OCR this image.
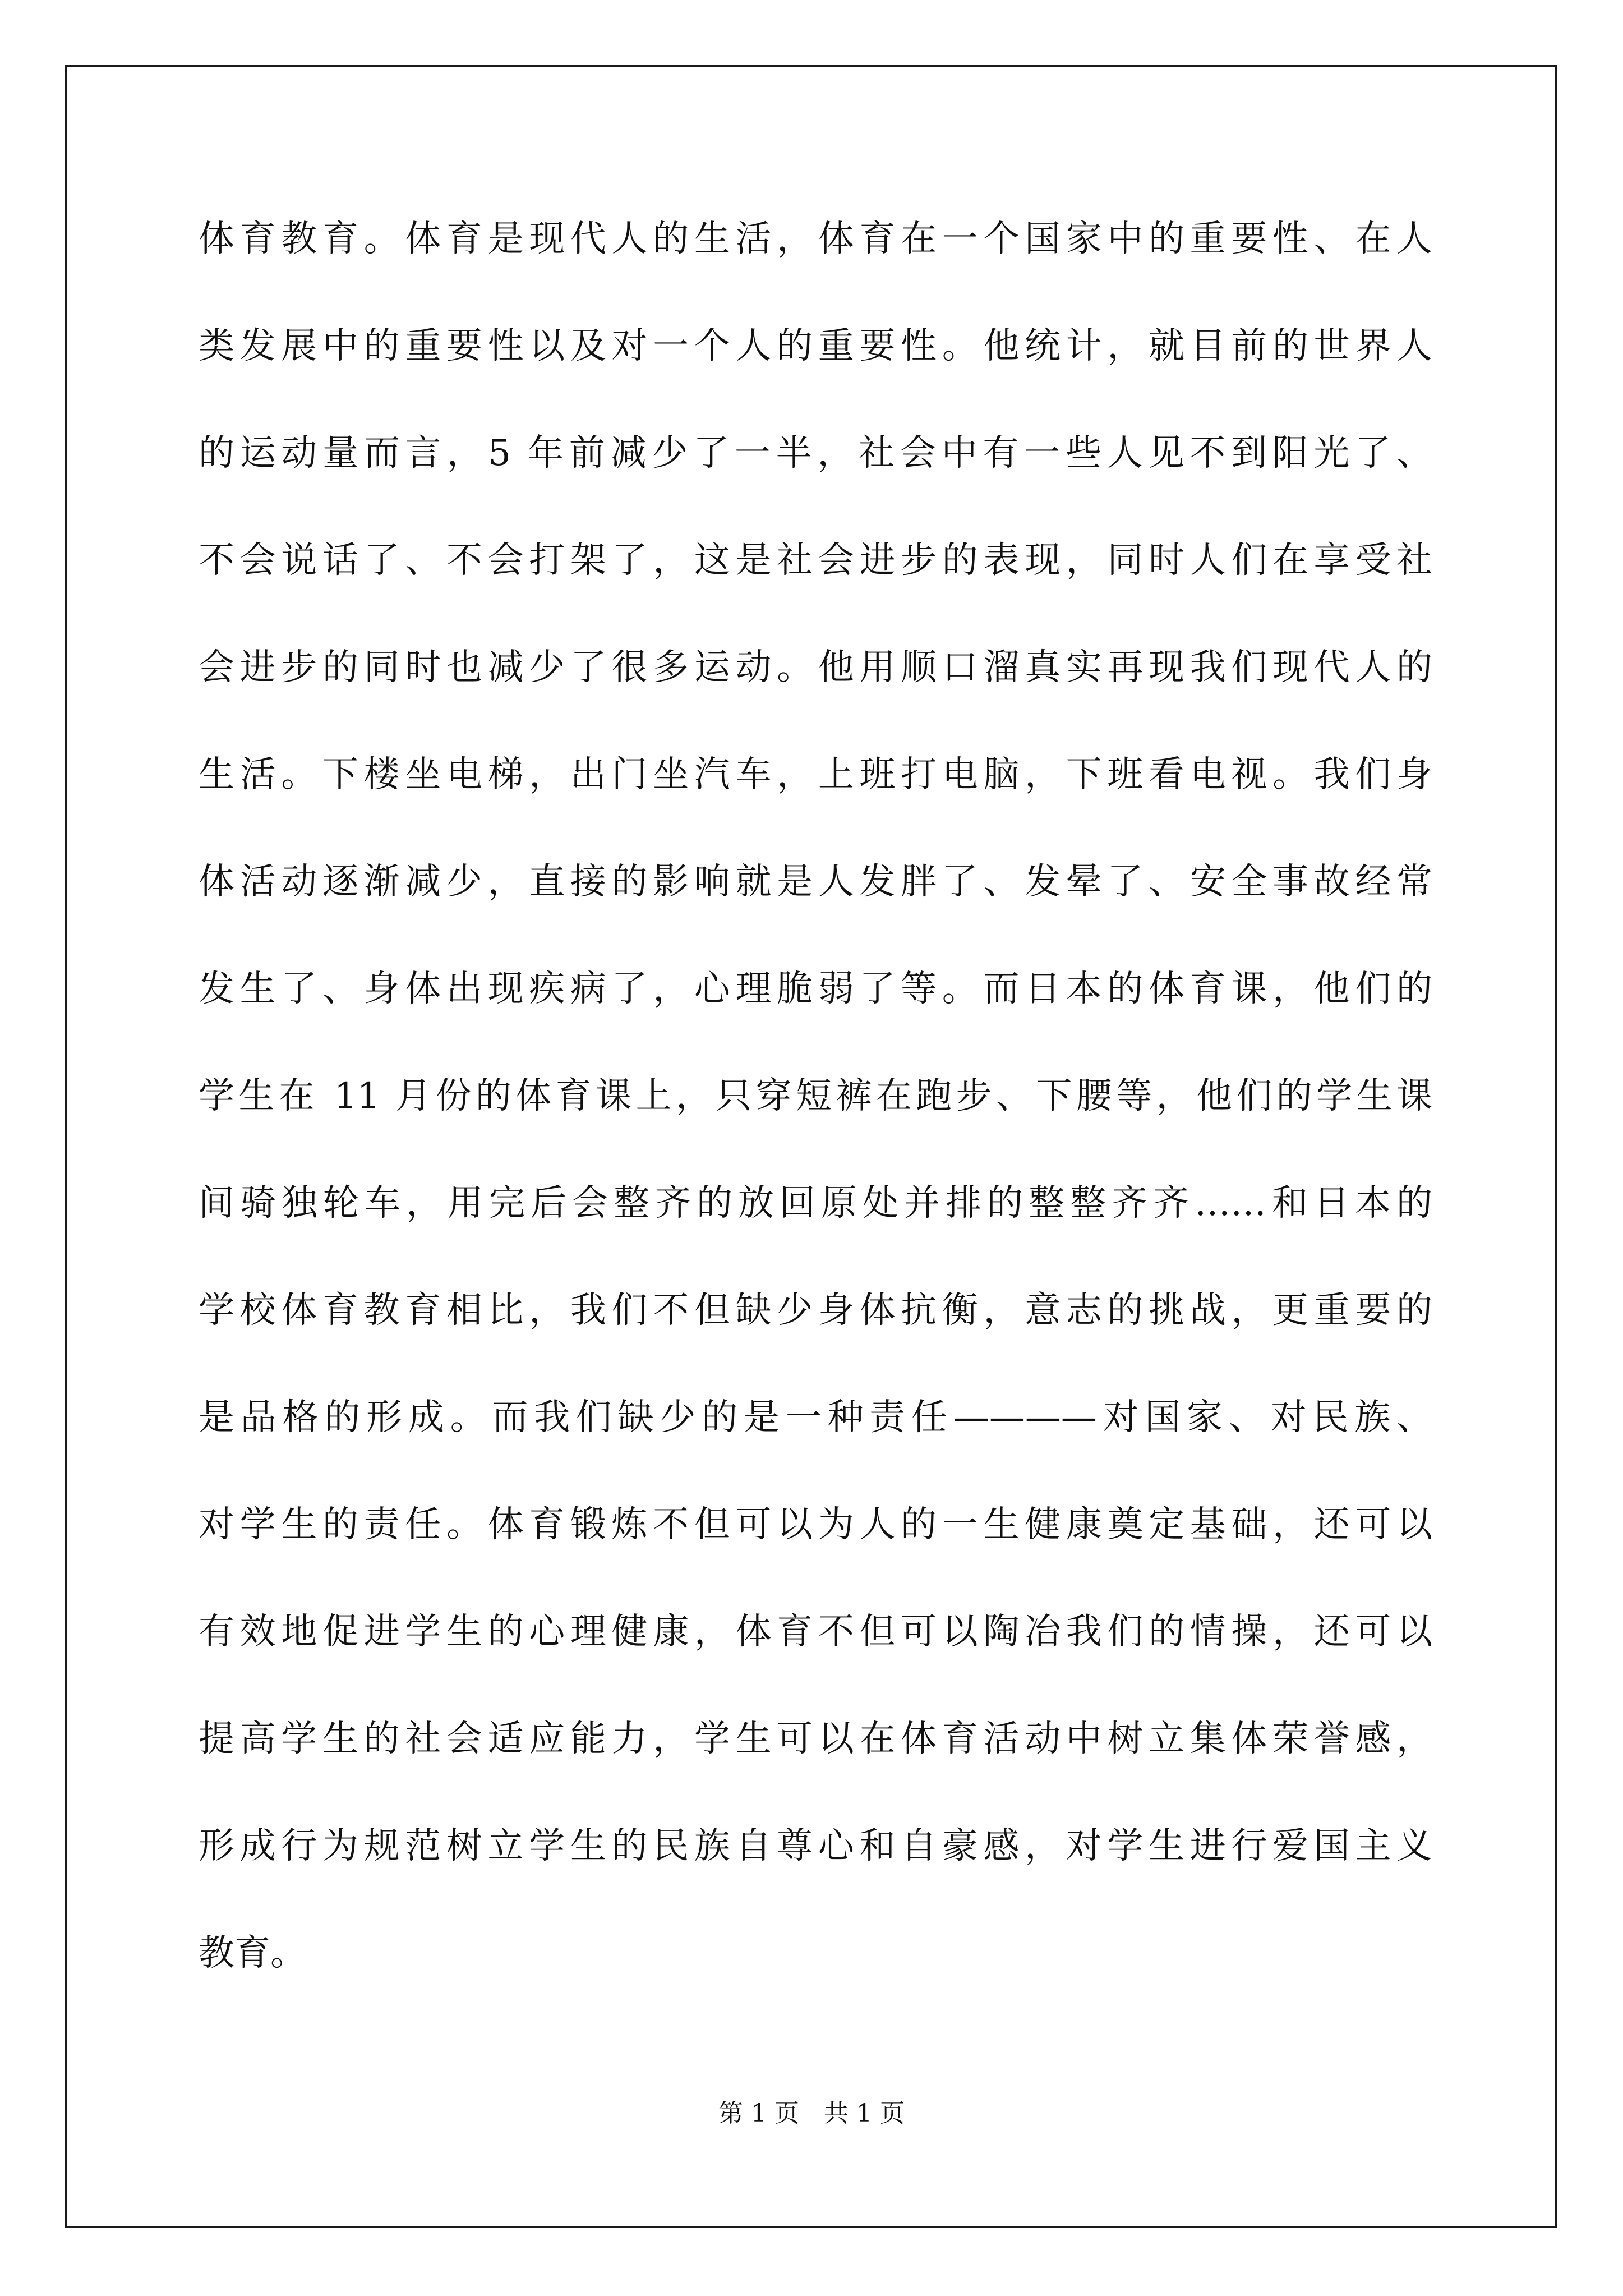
体育教育。体育是现代人的生活，体育在一个国家中的重要性、在人
类发展中的重要性以及对一个人的重要性。他统计，就目前的世界人
的运动量而言，5 年前减少了一半，社会中有一些人见不到阳光了、
不会说话了、不会打架了，这是社会进步的表现，同时人们在享受社
会进步的同时也减少了很多运动。他用顺口溜真实再现我们现代人的
生活。下楼坐电梯，出门坐汽车，上班打电脑，下班看电视。我们身
体活动逐渐减少，直接的影响就是人发胖了、发晕了、安全事故经常
发生了、身体出现疾病了，心理脆弱了等。而日本的体育课，他们的
学生在 11 月份的体育课上，只穿短裤在跑步、下腰等，他们的学生课
间骑独轮车，用完后会整齐的放回原处并排的整整齐齐……和日本的
学校体育教育相比，我们不但缺少身体抗衡，意志的挑战，更重要的
是品格的形成。而我们缺少的是一种责任————对国家、对民族、
对学生的责任。体育锻炼不但可以为人的一生健康奠定基础，还可以
有效地促进学生的心理健康，体育不但可以陶冶我们的情操，还可以
提高学生的社会适应能力，学生可以在体育活动中树立集体荣誉感，
形成行为规范树立学生的民族自尊心和自豪感，对学生进行爱国主义
教育。
第 1 页　共 1 页
